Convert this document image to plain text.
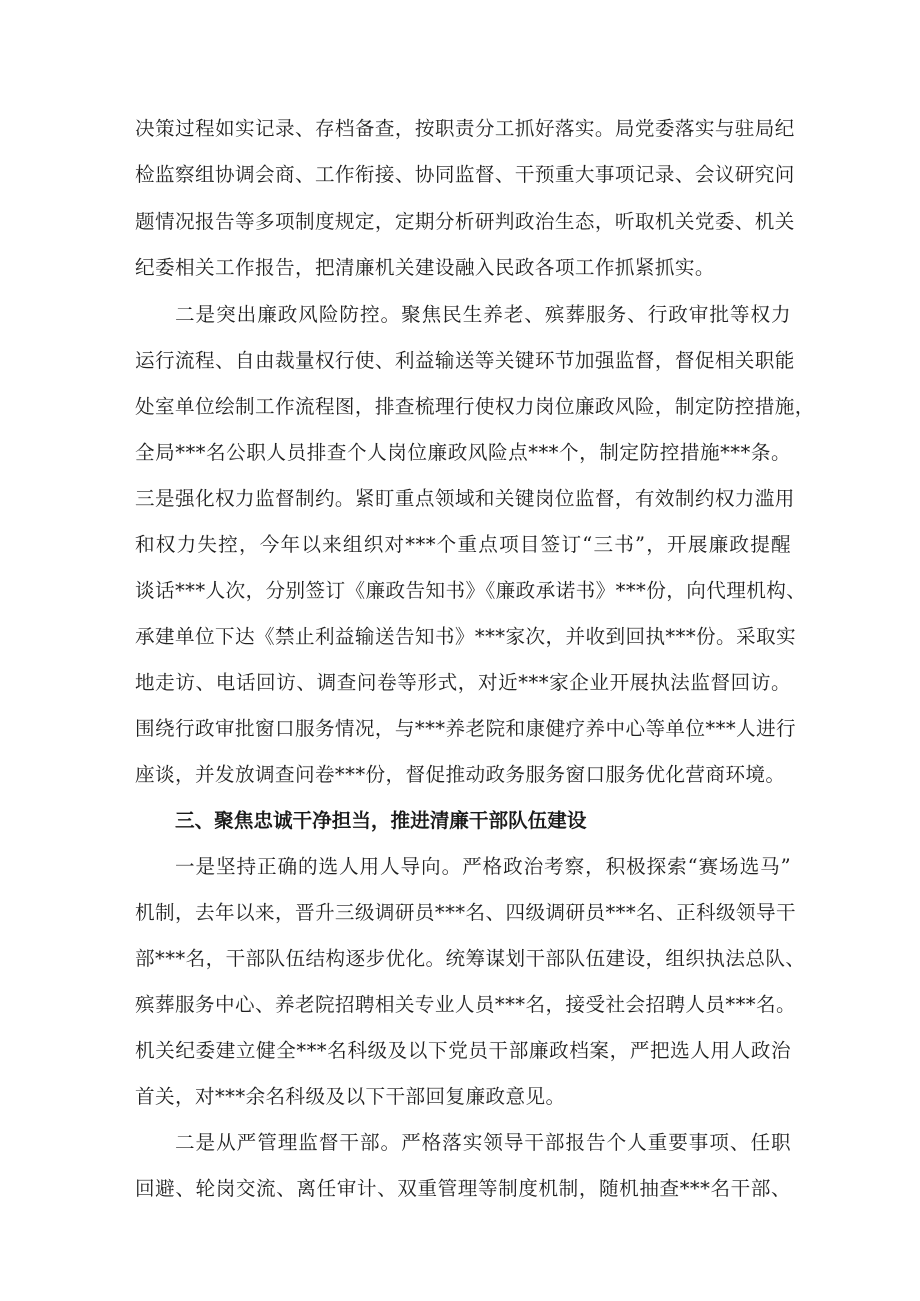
决策过程如实记录、存档备查，按职责分工抓好落实。局党委落实与驻局纪
检监察组协调会商、工作衔接、协同监督、干预重大事项记录、会议研究问
题情况报告等多项制度规定，定期分析研判政治生态，听取机关党委、机关
纪委相关工作报告，把清廉机关建设融入民政各项工作抓紧抓实。
二是突出廉政风险防控。聚焦民生养老、殡葬服务、行政审批等权力
运行流程、自由裁量权行使、利益输送等关键环节加强监督，督促相关职能
处室单位绘制工作流程图，排查梳理行使权力岗位廉政风险，制定防控措施，
全局***名公职人员排查个人岗位廉政风险点***个，制定防控措施***条。
三是强化权力监督制约。紧盯重点领域和关键岗位监督，有效制约权力滥用
和权力失控，今年以来组织对***个重点项目签订“三书”，开展廉政提醒
谈话***人次，分别签订《廉政告知书》《廉政承诺书》***份，向代理机构、
承建单位下达《禁止利益输送告知书》***家次，并收到回执***份。采取实
地走访、电话回访、调查问卷等形式，对近***家企业开展执法监督回访。
围绕行政审批窗口服务情况，与***养老院和康健疗养中心等单位***人进行
座谈，并发放调查问卷***份，督促推动政务服务窗口服务优化营商环境。
三、聚焦忠诚干净担当，推进清廉干部队伍建设
一是坚持正确的选人用人导向。严格政治考察，积极探索“赛场选马”
机制，去年以来，晋升三级调研员***名、四级调研员***名、正科级领导干
部***名，干部队伍结构逐步优化。统筹谋划干部队伍建设，组织执法总队、
殡葬服务中心、养老院招聘相关专业人员***名，接受社会招聘人员***名。
机关纪委建立健全***名科级及以下党员干部廉政档案，严把选人用人政治
首关，对***余名科级及以下干部回复廉政意见。
二是从严管理监督干部。严格落实领导干部报告个人重要事项、任职
回避、轮岗交流、离任审计、双重管理等制度机制，随机抽查***名干部、
